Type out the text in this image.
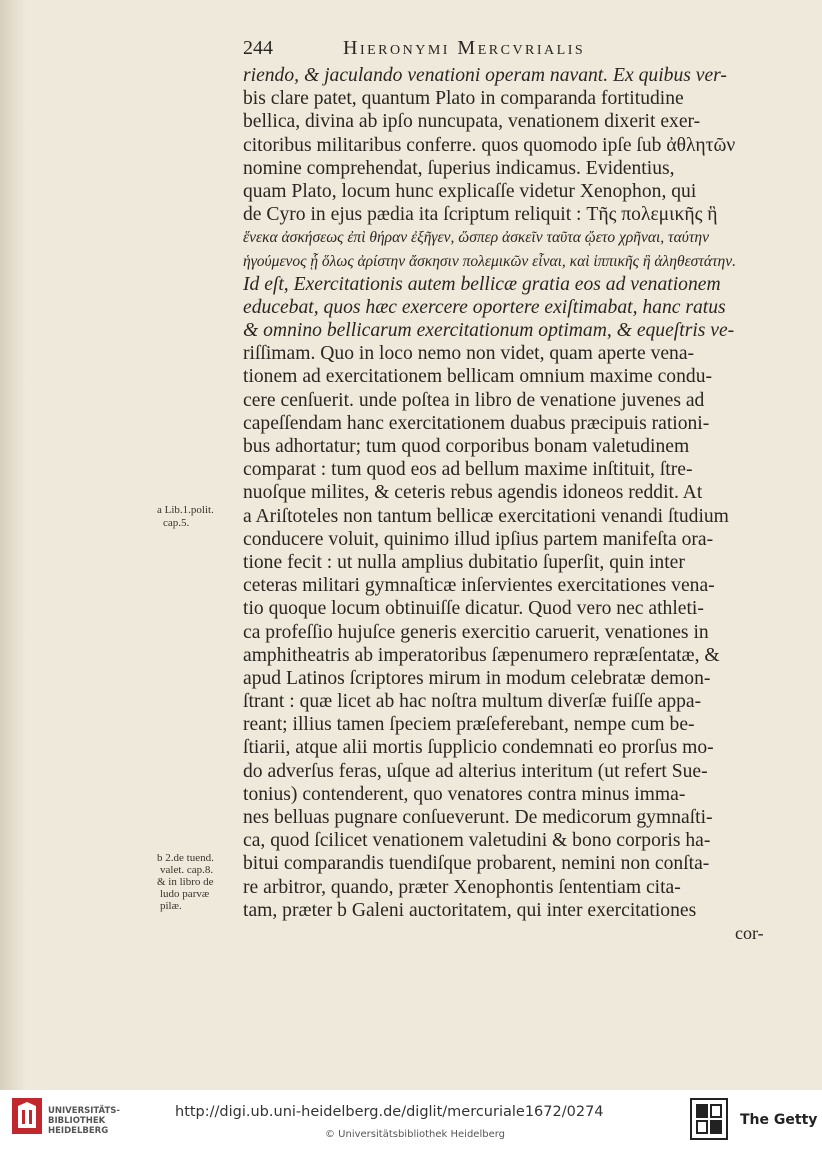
244	Hieronymi Mercvrialis
riendo, & jaculando venationi operam navant. Ex quibus ver-
bis clare patet, quantum Plato in comparanda fortitudine
bellica, divina ab ipſo nuncupata, venationem dixerit exer-
citoribus militaribus conferre. quos quomodo ipſe ſub ἀθλητῶν
nomine comprehendat, ſuperius indicamus. Evidentius,
quam Plato, locum hunc explicaſſe videtur Xenophon, qui
de Cyro in ejus pædia ita ſcriptum reliquit : Τῆς πολεμικῆς ἣ
ἕνεκα ἀσκήσεως ἐπὶ θήραν ἐξῆγεν, ὥσπερ ἀσκεῖν ταῦτα ᾤετο χρῆναι, ταύτην
ἡγούμενος ᾗ ὅλως ἀρίστην ἄσκησιν πολεμικῶν εἶναι, καὶ ἱππικῆς ἣ ἀληθεστάτην.
Id eſt, Exercitationis autem bellicæ gratia eos ad venationem
educebat, quos hæc exercere oportere exiſtimabat, hanc ratus
& omnino bellicarum exercitationum optimam, & equeſtris ve-
riſſimam. Quo in loco nemo non videt, quam aperte vena-
tionem ad exercitationem bellicam omnium maxime condu-
cere cenſuerit. unde poſtea in libro de venatione juvenes ad
capeſſendam hanc exercitationem duabus præcipuis rationi-
bus adhortatur; tum quod corporibus bonam valetudinem
comparat : tum quod eos ad bellum maxime inſtituit, ſtre-
nuoſque milites, & ceteris rebus agendis idoneos reddit. At
a Ariſtoteles non tantum bellicæ exercitationi venandi ſtudium
conducere voluit, quinimo illud ipſius partem manifeſta ora-
tione fecit : ut nulla amplius dubitatio ſuperſit, quin inter
ceteras militari gymnaſticæ inſervientes exercitationes vena-
tio quoque locum obtinuiſſe dicatur. Quod vero nec athleti-
ca profeſſio hujuſce generis exercitio caruerit, venationes in
amphitheatris ab imperatoribus ſæpenumero repræſentatæ, &
apud Latinos ſcriptores mirum in modum celebratæ demon-
ſtrant : quæ licet ab hac noſtra multum diverſæ fuiſſe appa-
reant; illius tamen ſpeciem præſeferebant, nempe cum be-
ſtiarii, atque alii mortis ſupplicio condemnati eo prorſus mo-
do adverſus feras, uſque ad alterius interitum (ut refert Sue-
tonius) contenderent, quo venatores contra minus imma-
nes belluas pugnare conſueverunt. De medicorum gymnaſti-
ca, quod ſcilicet venationem valetudini & bono corporis ha-
bitui comparandis tuendiſque probarent, nemini non conſta-
re arbitror, quando, præter Xenophontis ſententiam cita-
tam, præter b Galeni auctoritatem, qui inter exercitationes
cor-
a Lib.1.polit.
cap.5.
b 2.de tuend.
valet. cap.8.
& in libro de
ludo parvæ
pilæ.
UNIVERSITÄTS-
BIBLIOTHEK
HEIDELBERG
http://digi.ub.uni-heidelberg.de/diglit/mercuriale1672/0274
© Universitätsbibliothek Heidelberg
The Getty
